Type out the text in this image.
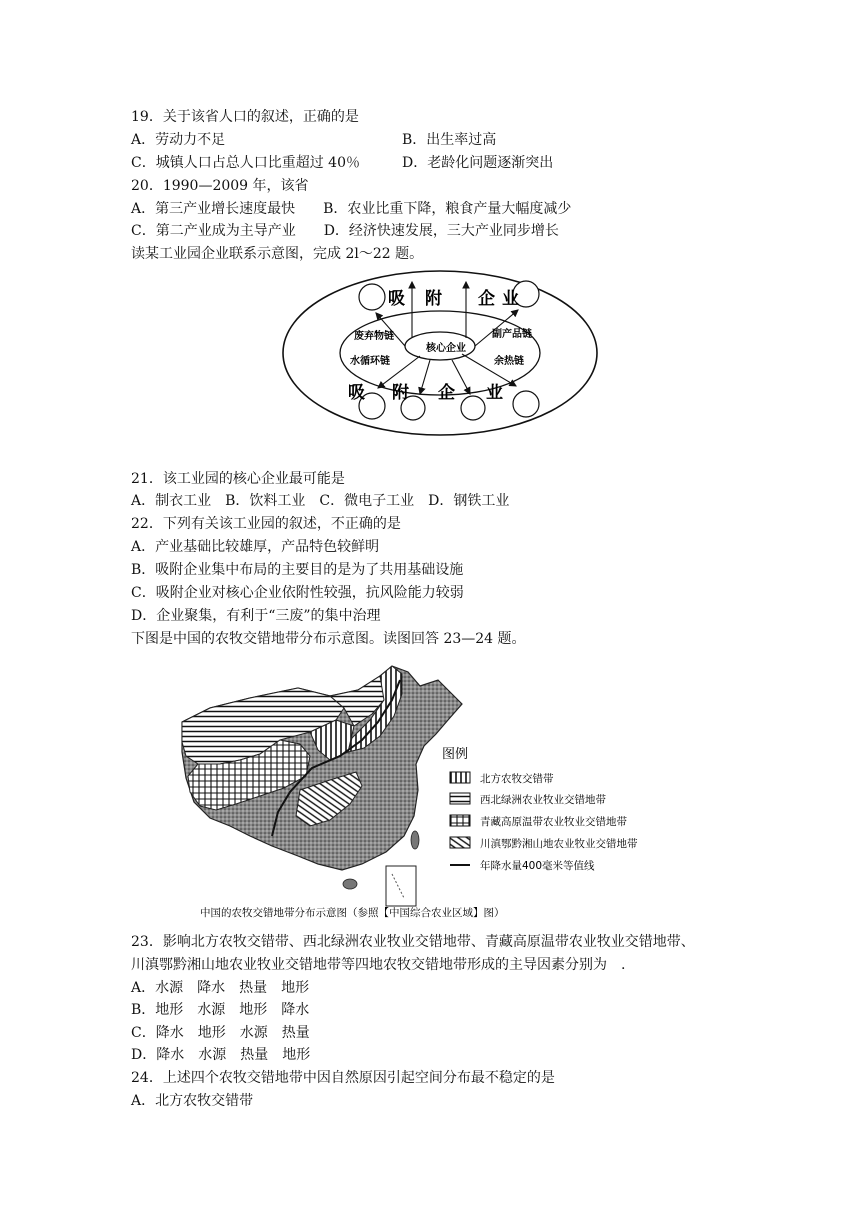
19．关于该省人口的叙述，正确的是
A．劳动力不足	B．出生率过高
C．城镇人口占总人口比重超过 40％	D．老龄化问题逐渐突出
20．1990—2009 年，该省
A．第三产业增长速度最快　　B．农业比重下降，粮食产量大幅度减少
C．第二产业成为主导产业　　D．经济快速发展，三大产业同步增长
读某工业园企业联系示意图，完成 2l～22 题。
吸 附 企 业
吸 附 企 业
核心企业
废弃物链
水循环链
副产品链
余热链
21．该工业园的核心企业最可能是
A．制衣工业　B．饮料工业　C．微电子工业　D．钢铁工业
22．下列有关该工业园的叙述，不正确的是
A．产业基础比较雄厚，产品特色较鲜明
B．吸附企业集中布局的主要目的是为了共用基础设施
C．吸附企业对核心企业依附性较强，抗风险能力较弱
D．企业聚集，有利于“三废”的集中治理
下图是中国的农牧交错地带分布示意图。读图回答 23—24 题。
图例
北方农牧交错带
西北绿洲农业牧业交错地带
青藏高原温带农业牧业交错地带
川滇鄂黔湘山地农业牧业交错地带
年降水量400毫米等值线
中国的农牧交错地带分布示意图（参照【中国综合农业区域】图）
23．影响北方农牧交错带、西北绿洲农业牧业交错地带、青藏高原温带农业牧业交错地带、
川滇鄂黔湘山地农业牧业交错地带等四地农牧交错地带形成的主导因素分别为　.
A．水源　降水　热量　地形
B．地形　水源　地形　降水
C．降水　地形　水源　热量
D．降水　水源　热量　地形
24．上述四个农牧交错地带中因自然原因引起空间分布最不稳定的是
A．北方农牧交错带
